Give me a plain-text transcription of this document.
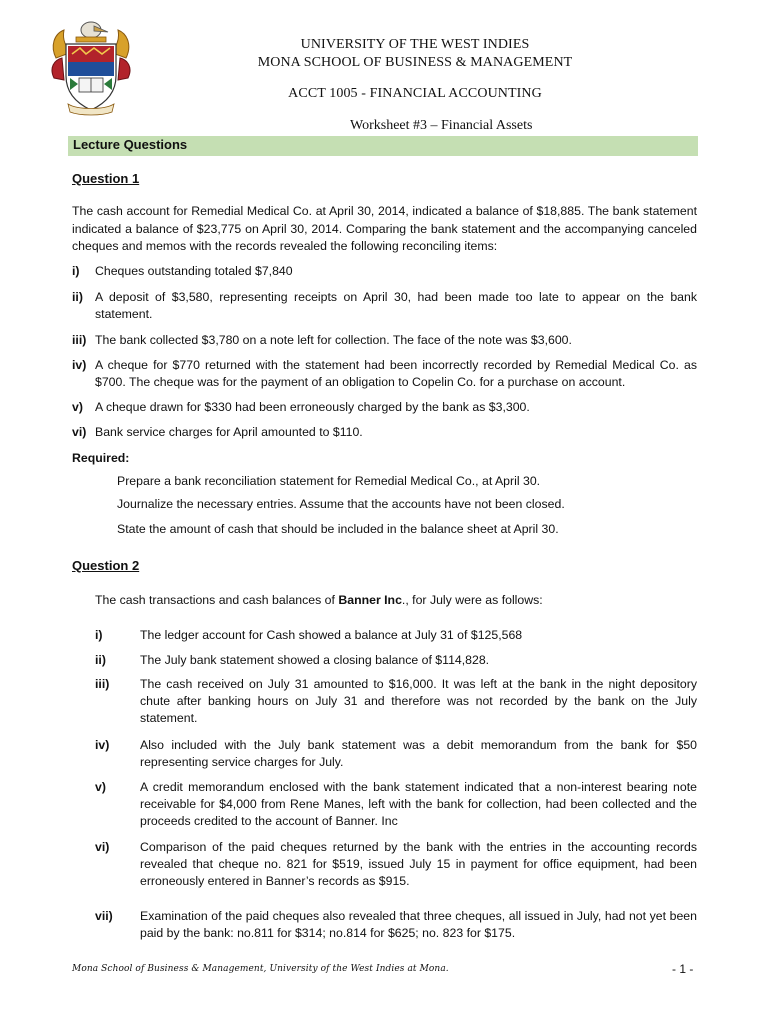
UNIVERSITY OF THE WEST INDIES
MONA SCHOOL OF BUSINESS & MANAGEMENT
ACCT 1005 - FINANCIAL ACCOUNTING
Worksheet #3 – Financial Assets
Lecture Questions
Question 1
The cash account for Remedial Medical Co. at April 30, 2014, indicated a balance of $18,885. The bank statement indicated a balance of $23,775 on April 30, 2014. Comparing the bank statement and the accompanying canceled cheques and memos with the records revealed the following reconciling items:
i) Cheques outstanding totaled $7,840
ii) A deposit of $3,580, representing receipts on April 30, had been made too late to appear on the bank statement.
iii) The bank collected $3,780 on a note left for collection. The face of the note was $3,600.
iv) A cheque for $770 returned with the statement had been incorrectly recorded by Remedial Medical Co. as $700. The cheque was for the payment of an obligation to Copelin Co. for a purchase on account.
v) A cheque drawn for $330 had been erroneously charged by the bank as $3,300.
vi) Bank service charges for April amounted to $110.
Required:
Prepare a bank reconciliation statement for Remedial Medical Co., at April 30.
Journalize the necessary entries. Assume that the accounts have not been closed.
State the amount of cash that should be included in the balance sheet at April 30.
Question 2
The cash transactions and cash balances of Banner Inc., for July were as follows:
i)	The ledger account for Cash showed a balance at July 31 of $125,568
ii)	The July bank statement showed a closing balance of $114,828.
iii) The cash received on July 31 amounted to $16,000. It was left at the bank in the night depository chute after banking hours on July 31 and therefore was not recorded by the bank on the July statement.
iv) Also included with the July bank statement was a debit memorandum from the bank for $50 representing service charges for July.
v)	A credit memorandum enclosed with the bank statement indicated that a non-interest bearing note receivable for $4,000 from Rene Manes, left with the bank for collection, had been collected and the proceeds credited to the account of Banner. Inc
vi) Comparison of the paid cheques returned by the bank with the entries in the accounting records revealed that cheque no. 821 for $519, issued July 15 in payment for office equipment, had been erroneously entered in Banner’s records as $915.
vii) Examination of the paid cheques also revealed that three cheques, all issued in July, had not yet been paid by the bank: no.811 for $314; no.814 for $625; no. 823 for $175.
Mona School of Business & Management, University of the West Indies at Mona.	- 1 -
